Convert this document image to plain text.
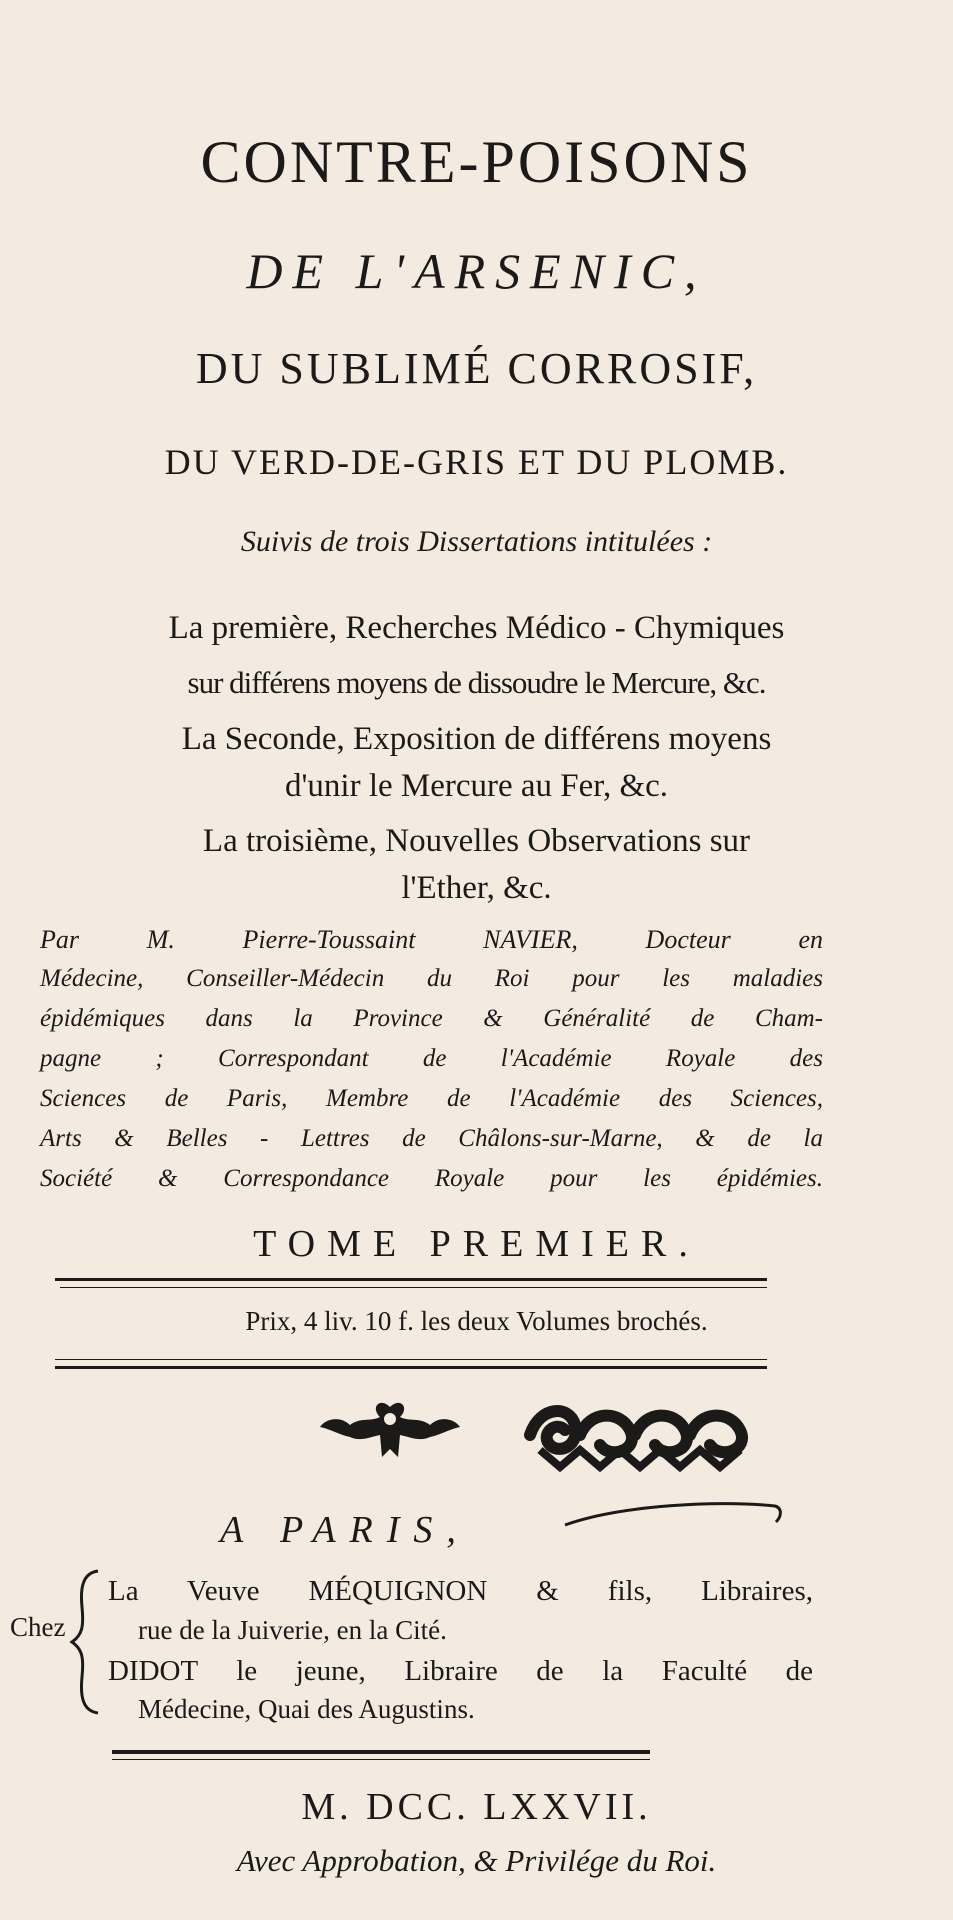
CONTRE-POISONS
DE L'ARSENIC,
DU SUBLIMÉ CORROSIF,
DU VERD-DE-GRIS ET DU PLOMB.
Suivis de trois Dissertations intitulées :
La première, Recherches Médico - Chymiques
sur différens moyens de dissoudre le Mercure, &c.
La Seconde, Exposition de différens moyens
d'unir le Mercure au Fer, &c.
La troisième, Nouvelles Observations sur
l'Ether, &c.
Par M. Pierre-Toussaint NAVIER, Docteur en
Médecine, Conseiller-Médecin du Roi pour les maladies
épidémiques dans la Province & Généralité de Cham-
pagne ; Correspondant de l'Académie Royale des
Sciences de Paris, Membre de l'Académie des Sciences,
Arts & Belles - Lettres de Châlons-sur-Marne, & de la
Société & Correspondance Royale pour les épidémies.
TOME PREMIER.
Prix, 4 liv. 10 f. les deux Volumes brochés.
A PARIS,
Chez
La Veuve MÉQUIGNON & fils, Libraires,
rue de la Juiverie, en la Cité.
DIDOT le jeune, Libraire de la Faculté de
Médecine, Quai des Augustins.
M. DCC. LXXVII.
Avec Approbation, & Privilége du Roi.
